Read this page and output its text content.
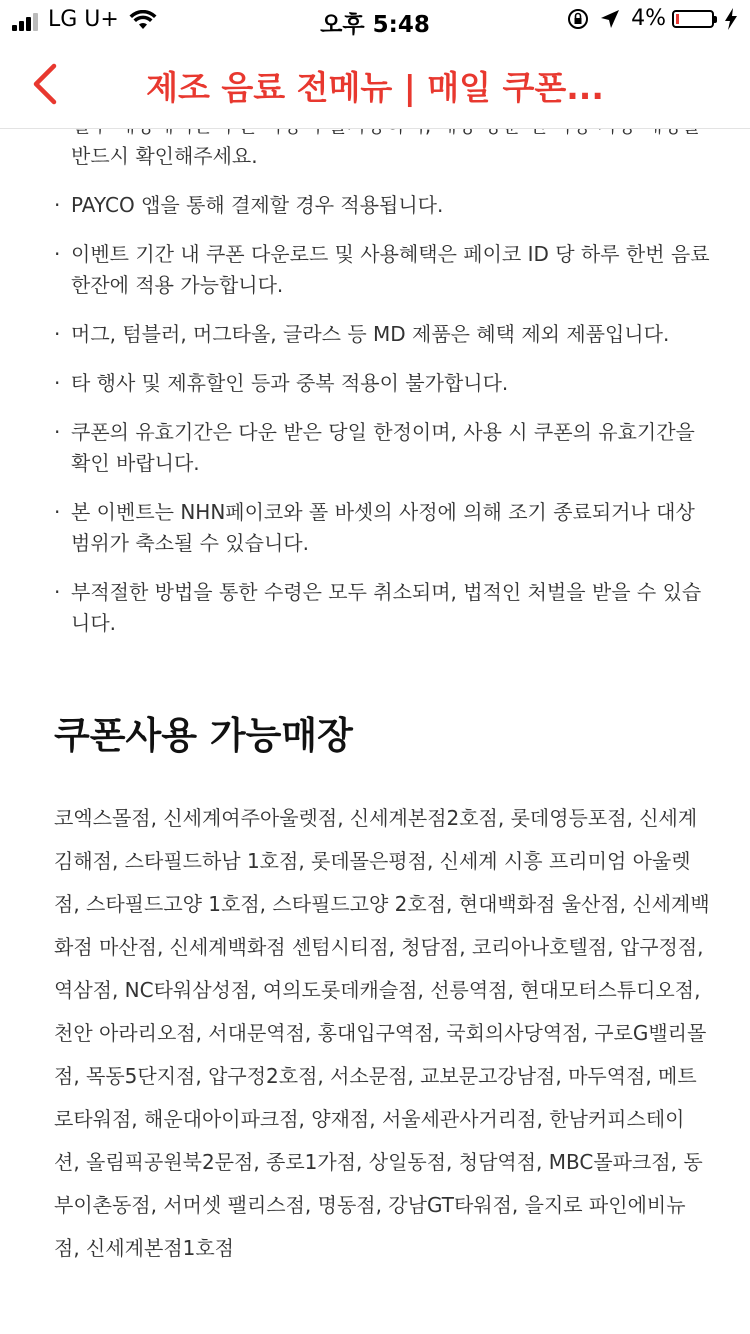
LG U+	오후 5:48	4%
제조 음료 전메뉴 | 매일 쿠폰...
반드시 확인해주세요.
· PAYCO 앱을 통해 결제할 경우 적용됩니다.
· 이벤트 기간 내 쿠폰 다운로드 및 사용혜택은 페이코 ID 당 하루 한번 음료 한잔에 적용 가능합니다.
· 머그, 텀블러, 머그타올, 글라스 등 MD 제품은 혜택 제외 제품입니다.
· 타 행사 및 제휴할인 등과 중복 적용이 불가합니다.
· 쿠폰의 유효기간은 다운 받은 당일 한정이며, 사용 시 쿠폰의 유효기간을 확인 바랍니다.
· 본 이벤트는 NHN페이코와 폴 바셋의 사정에 의해 조기 종료되거나 대상 범위가 축소될 수 있습니다.
· 부적절한 방법을 통한 수령은 모두 취소되며, 법적인 처벌을 받을 수 있습니다.
쿠폰사용 가능매장
코엑스몰점, 신세계여주아울렛점, 신세계본점2호점, 롯데영등포점, 신세계김해점, 스타필드하남 1호점, 롯데몰은평점, 신세계 시흥 프리미엄 아울렛점, 스타필드고양 1호점, 스타필드고양 2호점, 현대백화점 울산점, 신세계백화점 마산점, 신세계백화점 센텀시티점, 청담점, 코리아나호텔점, 압구정점, 역삼점, NC타워삼성점, 여의도롯데캐슬점, 선릉역점, 현대모터스튜디오점, 천안 아라리오점, 서대문역점, 홍대입구역점, 국회의사당역점, 구로G밸리몰점, 목동5단지점, 압구정2호점, 서소문점, 교보문고강남점, 마두역점, 메트로타워점, 해운대아이파크점, 양재점, 서울세관사거리점, 한남커피스테이션, 올림픽공원북2문점, 종로1가점, 상일동점, 청담역점, MBC몰파크점, 동부이촌동점, 서머셋 팰리스점, 명동점, 강남GT타워점, 을지로 파인에비뉴점, 신세계본점1호점
